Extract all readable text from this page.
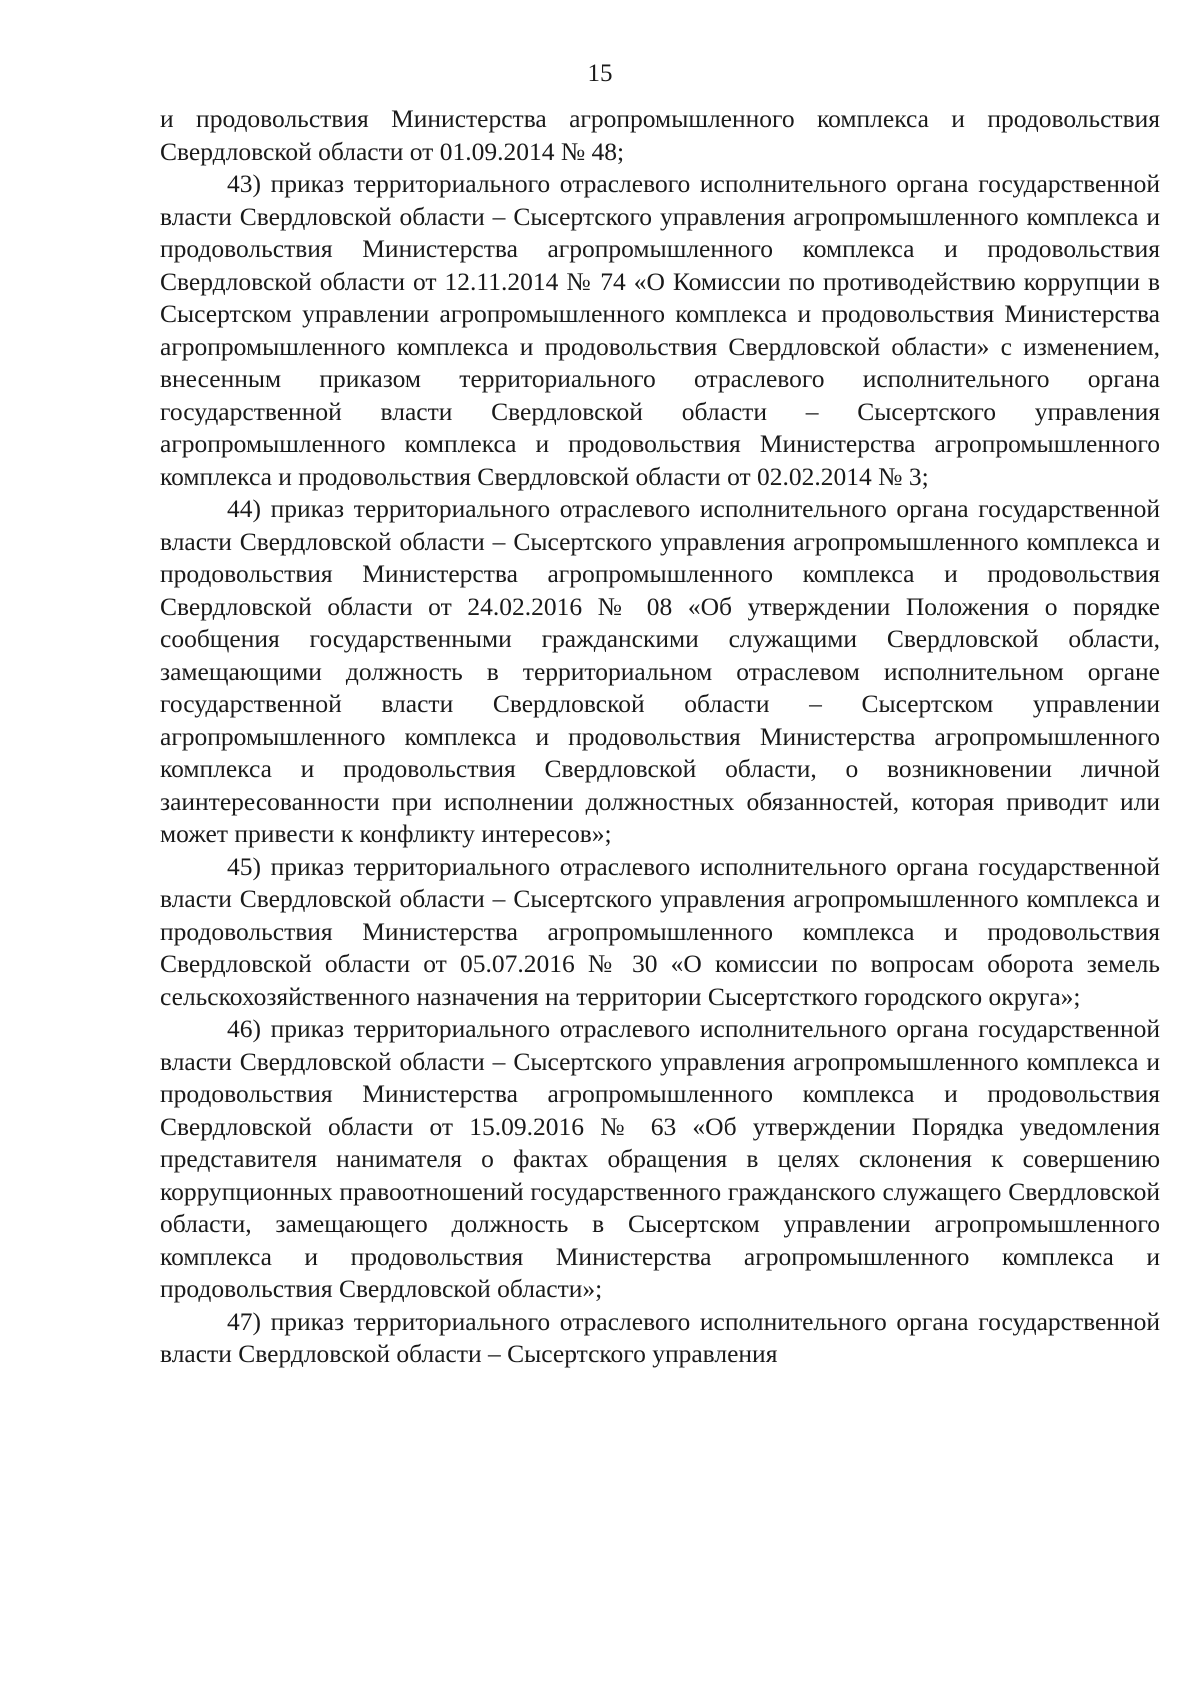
15

и продовольствия Министерства агропромышленного комплекса и продовольствия Свердловской области от 01.09.2014 № 48;

43) приказ территориального отраслевого исполнительного органа государственной власти Свердловской области – Сысертского управления агропромышленного комплекса и продовольствия Министерства агропромышленного комплекса и продовольствия Свердловской области от 12.11.2014 № 74 «О Комиссии по противодействию коррупции в Сысертском управлении агропромышленного комплекса и продовольствия Министерства агропромышленного комплекса и продовольствия Свердловской области» с изменением, внесенным приказом территориального отраслевого исполнительного органа государственной власти Свердловской области – Сысертского управления агропромышленного комплекса и продовольствия Министерства агропромышленного комплекса и продовольствия Свердловской области от 02.02.2014 № 3;

44) приказ территориального отраслевого исполнительного органа государственной власти Свердловской области – Сысертского управления агропромышленного комплекса и продовольствия Министерства агропромышленного комплекса и продовольствия Свердловской области от 24.02.2016 № 08 «Об утверждении Положения о порядке сообщения государственными гражданскими служащими Свердловской области, замещающими должность в территориальном отраслевом исполнительном органе государственной власти Свердловской области – Сысертском управлении агропромышленного комплекса и продовольствия Министерства агропромышленного комплекса и продовольствия Свердловской области, о возникновении личной заинтересованности при исполнении должностных обязанностей, которая приводит или может привести к конфликту интересов»;

45) приказ территориального отраслевого исполнительного органа государственной власти Свердловской области – Сысертского управления агропромышленного комплекса и продовольствия Министерства агропромышленного комплекса и продовольствия Свердловской области от 05.07.2016 № 30 «О комиссии по вопросам оборота земель сельскохозяйственного назначения на территории Сысертсткого городского округа»;

46) приказ территориального отраслевого исполнительного органа государственной власти Свердловской области – Сысертского управления агропромышленного комплекса и продовольствия Министерства агропромышленного комплекса и продовольствия Свердловской области от 15.09.2016 № 63 «Об утверждении Порядка уведомления представителя нанимателя о фактах обращения в целях склонения к совершению коррупционных правоотношений государственного гражданского служащего Свердловской области, замещающего должность в Сысертском управлении агропромышленного комплекса и продовольствия Министерства агропромышленного комплекса и продовольствия Свердловской области»;

47) приказ территориального отраслевого исполнительного органа государственной власти Свердловской области – Сысертского управления
